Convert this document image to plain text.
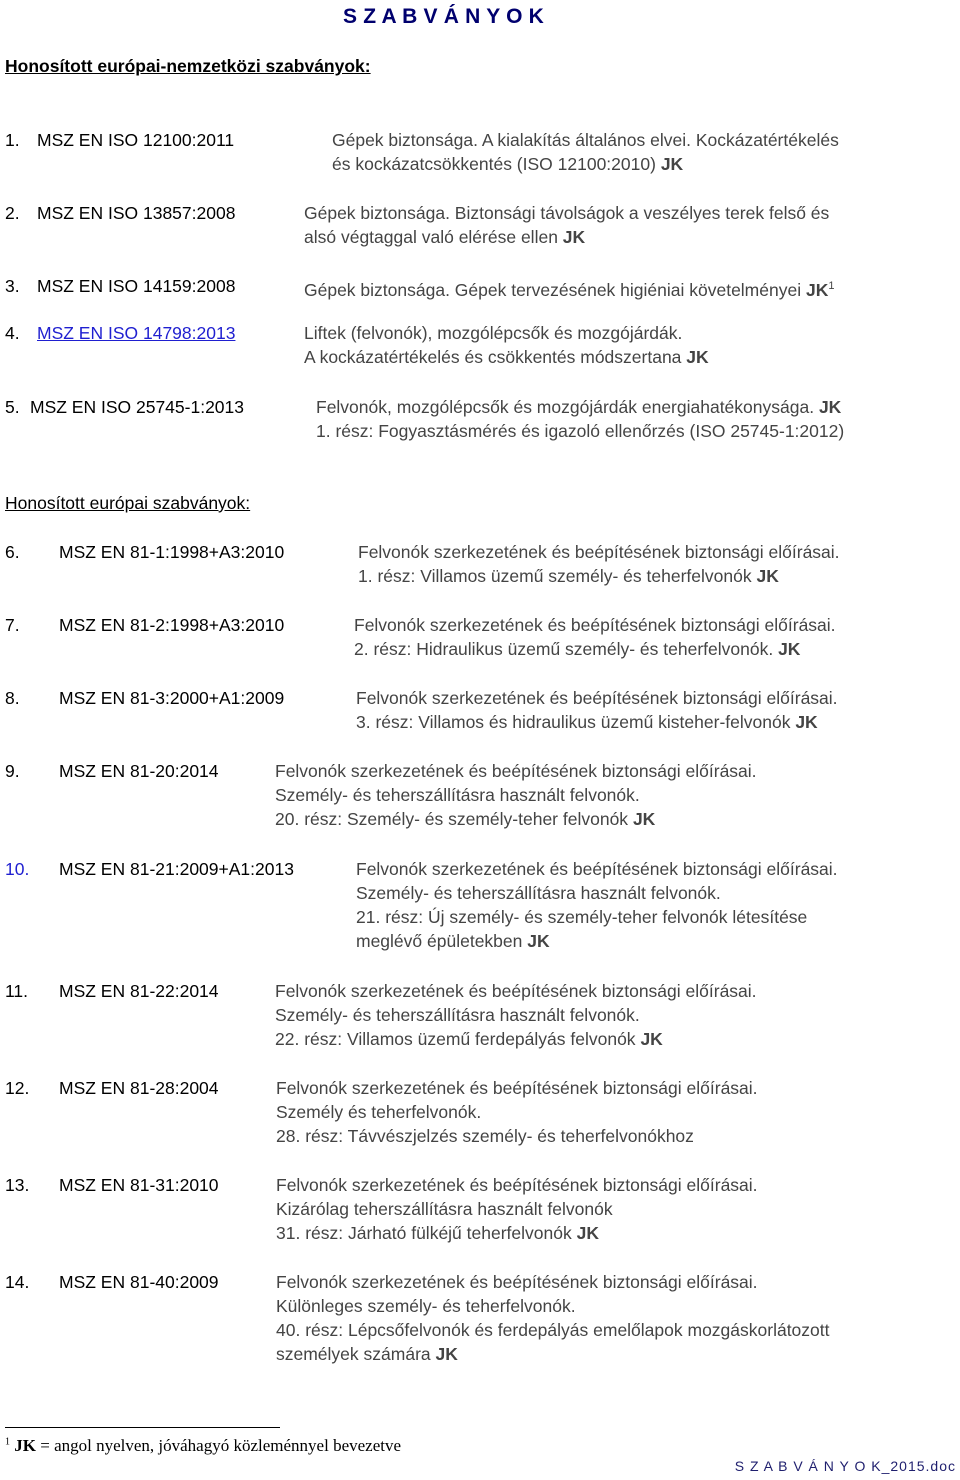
S Z A B V Á N Y O K
Honosított európai-nemzetközi szabványok:
1. MSZ EN ISO 12100:2011	Gépek biztonsága. A kialakítás általános elvei. Kockázatértékelés
és kockázatcsökkentés (ISO 12100:2010) JK
2. MSZ EN ISO 13857:2008	Gépek biztonsága. Biztonsági távolságok a veszélyes terek felső és
alsó végtaggal való elérése ellen JK
3. MSZ EN ISO 14159:2008	Gépek biztonsága. Gépek tervezésének higiéniai követelményei $JK^1$
4. MSZ EN ISO 14798:2013	Liftek (felvonók), mozgólépcsők és mozgójárdák.
A kockázatértékelés és csökkentés módszertana JK
5. MSZ EN ISO 25745-1:2013	Felvonók, mozgólépcsők és mozgójárdák energiahatékonysága. JK
1. rész: Fogyasztásmérés és igazoló ellenőrzés (ISO 25745-1:2012)
Honosított európai szabványok:
6. MSZ EN 81-1:1998+A3:2010	Felvonók szerkezetének és beépítésének biztonsági előírásai.
1. rész: Villamos üzemű személy- és teherfelvonók JK
7. MSZ EN 81-2:1998+A3:2010	Felvonók szerkezetének és beépítésének biztonsági előírásai.
2. rész: Hidraulikus üzemű személy- és teherfelvonók. JK
8. MSZ EN 81-3:2000+A1:2009	Felvonók szerkezetének és beépítésének biztonsági előírásai.
3. rész: Villamos és hidraulikus üzemű kisteher-felvonók JK
9. MSZ EN 81-20:2014	Felvonók szerkezetének és beépítésének biztonsági előírásai.
Személy- és teherszállításra használt felvonók.
20. rész: Személy- és személy-teher felvonók JK
10. MSZ EN 81-21:2009+A1:2013	Felvonók szerkezetének és beépítésének biztonsági előírásai.
Személy- és teherszállításra használt felvonók.
21. rész: Új személy- és személy-teher felvonók létesítése
meglévő épületekben JK
11. MSZ EN 81-22:2014	Felvonók szerkezetének és beépítésének biztonsági előírásai.
Személy- és teherszállításra használt felvonók.
22. rész: Villamos üzemű ferdepályás felvonók JK
12. MSZ EN 81-28:2004	Felvonók szerkezetének és beépítésének biztonsági előírásai.
Személy és teherfelvonók.
28. rész: Távvészjelzés személy- és teherfelvonókhoz
13. MSZ EN 81-31:2010	Felvonók szerkezetének és beépítésének biztonsági előírásai.
Kizárólag teherszállításra használt felvonók
31. rész: Járható fülkéjű teherfelvonók JK
14. MSZ EN 81-40:2009	Felvonók szerkezetének és beépítésének biztonsági előírásai.
Különleges személy- és teherfelvonók.
40. rész: Lépcsőfelvonók és ferdepályás emelőlapok mozgáskorlátozott
személyek számára JK
$^1$ JK = angol nyelven, jóváhagyó közleménnyel bevezetve
S Z A B V Á N Y O K_2015.doc
